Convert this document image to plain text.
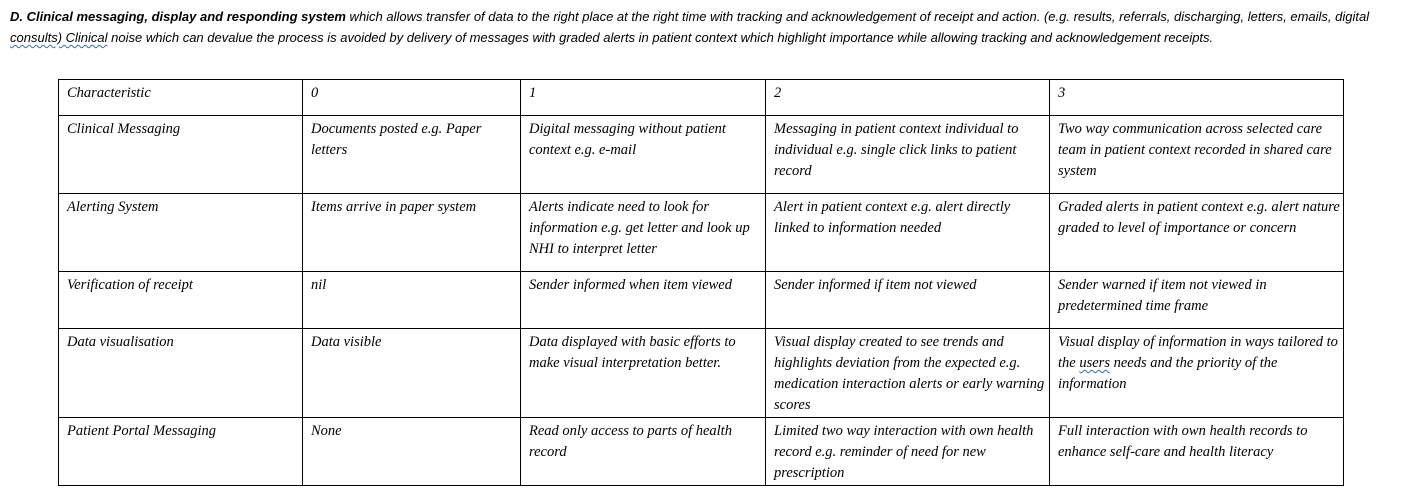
D. Clinical messaging, display and responding system which allows transfer of data to the right place at the right time with tracking and acknowledgement of receipt and action. (e.g. results, referrals, discharging, letters, emails, digital consults) Clinical noise which can devalue the process is avoided by delivery of messages with graded alerts in patient context which highlight importance while allowing tracking and acknowledgement receipts.

Characteristic	0	1	2	3
Clinical Messaging	Documents posted e.g. Paper letters	Digital messaging without patient context e.g. e-mail	Messaging in patient context individual to individual e.g. single click links to patient record	Two way communication across selected care team in patient context recorded in shared care system
Alerting System	Items arrive in paper system	Alerts indicate need to look for information e.g. get letter and look up NHI to interpret letter	Alert in patient context e.g. alert directly linked to information needed	Graded alerts in patient context e.g. alert nature graded to level of importance or concern
Verification of receipt	nil	Sender informed when item viewed	Sender informed if item not viewed	Sender warned if item not viewed in predetermined time frame
Data visualisation	Data visible	Data displayed with basic efforts to make visual interpretation better.	Visual display created to see trends and highlights deviation from the expected e.g. medication interaction alerts or early warning scores	Visual display of information in ways tailored to the users needs and the priority of the information
Patient Portal Messaging	None	Read only access to parts of health record	Limited two way interaction with own health record e.g. reminder of need for new prescription	Full interaction with own health records to enhance self-care and health literacy
